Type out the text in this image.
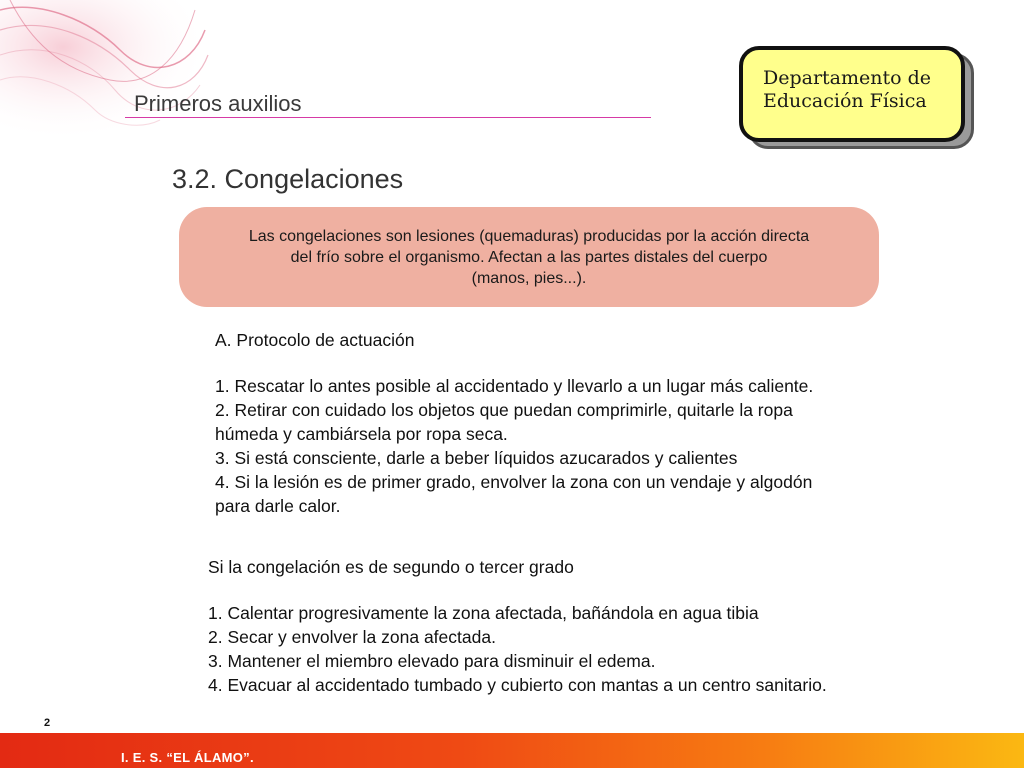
Primeros auxilios
Departamento de
Educación Física
3.2. Congelaciones
Las congelaciones son lesiones (quemaduras) producidas por la acción directa
del frío sobre el organismo. Afectan a las partes distales del cuerpo
(manos, pies...).
A. Protocolo de actuación
1. Rescatar lo antes posible al accidentado y llevarlo a un lugar más caliente.
2. Retirar con cuidado los objetos que puedan comprimirle, quitarle la ropa
húmeda y cambiársela por ropa seca.
3. Si está consciente, darle a beber líquidos azucarados y calientes
4. Si la lesión es de primer grado, envolver la zona con un vendaje y algodón
para darle calor.
Si la congelación es de segundo o tercer grado
1. Calentar progresivamente la zona afectada, bañándola en agua tibia
2. Secar y envolver la zona afectada.
3. Mantener el miembro elevado para disminuir el edema.
4. Evacuar al accidentado tumbado y cubierto con mantas a un centro sanitario.
2
I. E. S. “EL ÁLAMO”.
